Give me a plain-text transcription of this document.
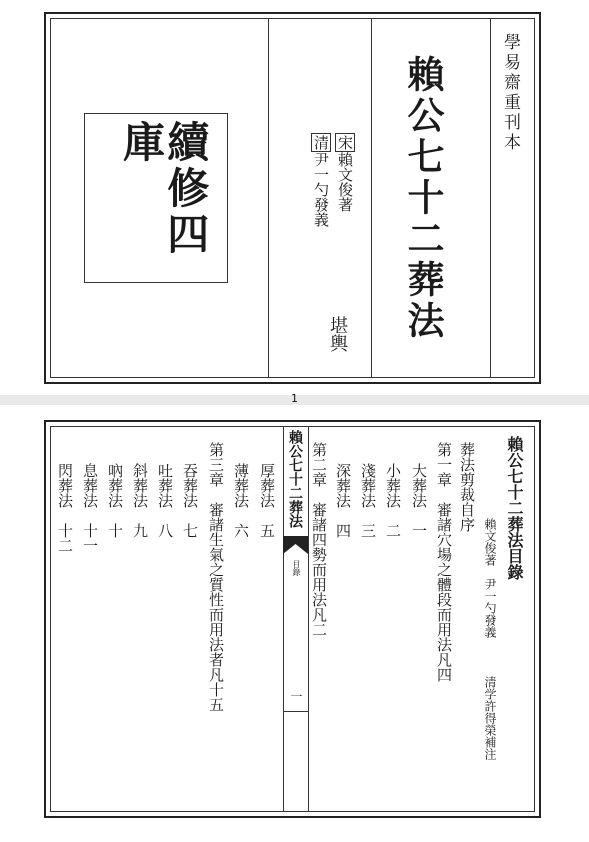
續修四庫	宋賴文俊著
清尹一勺發義
堪輿 賴公七十二葬法	學易齋重刊本
1
賴公七十二葬法
目錄
一
賴公七十二葬法目錄
賴文俊著　尹一勺發義
清学許得榮補注
葬法剪裁自序
第一章　審諸穴場之體段而用法凡四
大葬法　一
小葬法　二
淺葬法　三
深葬法　四
第二章　審諸四勢而用法凡二
厚葬法　五
薄葬法　六
第三章　審諸生氣之質性而用法者凡十五
吞葬法　七
吐葬法　八
斜葬法　九
吶葬法　十
息葬法　十一
閃葬法　十二
